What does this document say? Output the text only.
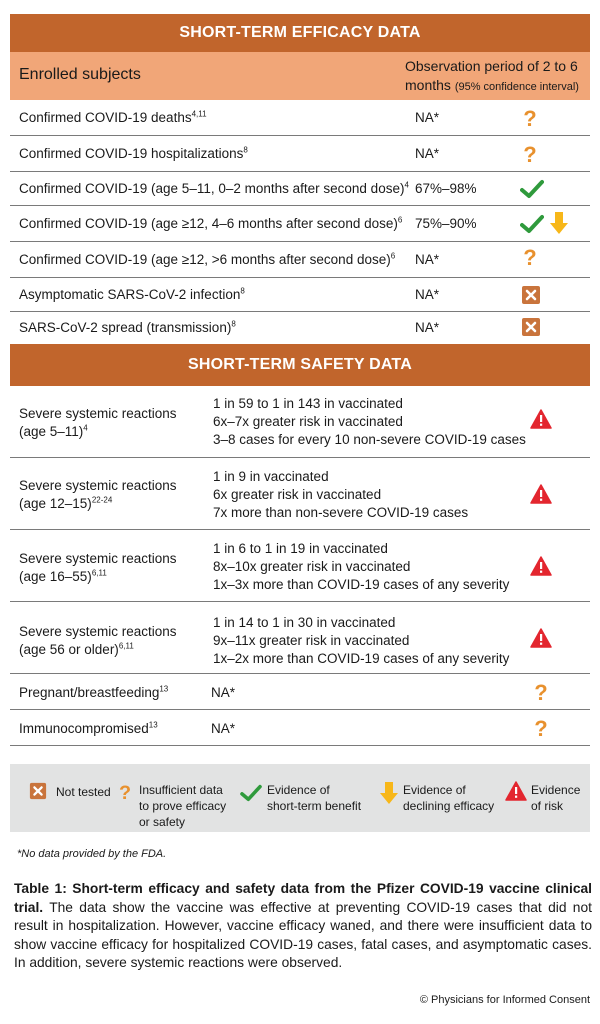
SHORT-TERM EFFICACY DATA
Enrolled subjects	Observation period of 2 to 6 months (95% confidence interval)
Confirmed COVID-19 deaths$^{4,11}$	NA*	?
Confirmed COVID-19 hospitalizations$^8$	NA*	?
Confirmed COVID-19 (age 5–11, 0–2 months after second dose)$^4$ 67%–98%
Confirmed COVID-19 (age ≥12, 4–6 months after second dose)$^6$ 75%–90%
Confirmed COVID-19 (age ≥12, >6 months after second dose)$^6$ NA*	?
Asymptomatic SARS-CoV-2 infection$^8$	NA*
SARS-CoV-2 spread (transmission)$^8$	NA*
SHORT-TERM SAFETY DATA
Severe systemic reactions
(age 5–11)$^4$
1 in 59 to 1 in 143 in vaccinated
6x–7x greater risk in vaccinated
3–8 cases for every 10 non-severe COVID-19 cases
Severe systemic reactions
(age 12–15)$^{22-24}$
1 in 9 in vaccinated
6x greater risk in vaccinated
7x more than non-severe COVID-19 cases
Severe systemic reactions
(age 16–55)$^{6,11}$
1 in 6 to 1 in 19 in vaccinated
8x–10x greater risk in vaccinated
1x–3x more than COVID-19 cases of any severity
Severe systemic reactions
(age 56 or older)$^{6,11}$
1 in 14 to 1 in 30 in vaccinated
9x–11x greater risk in vaccinated
1x–2x more than COVID-19 cases of any severity
Pregnant/breastfeeding$^{13}$	NA*	?
Immunocompromised$^{13}$	NA*	?
Not tested ? Insufficient data
to prove efficacy
or safety
Evidence of
short-term benefit
Evidence of
declining efficacy
Evidence
of risk
*No data provided by the FDA.
Table 1: Short-term efficacy and safety data from the Pfizer COVID-19 vaccine clinical trial. The data show the vaccine was effective at preventing COVID-19 cases that did not result in hospitalization. However, vaccine efficacy waned, and there were insufficient data to show vaccine efficacy for hospitalized COVID-19 cases, fatal cases, and asymptomatic cases. In addition, severe systemic reactions were observed.
© Physicians for Informed Consent
